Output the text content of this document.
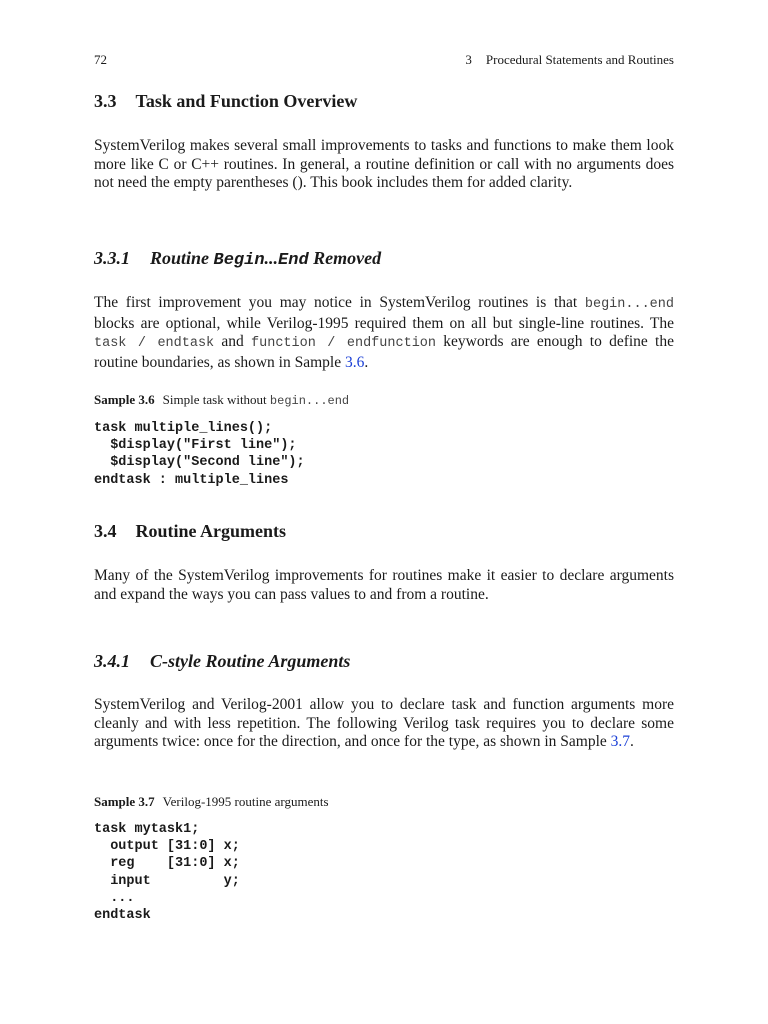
72	3 Procedural Statements and Routines
3.3 Task and Function Overview

SystemVerilog makes several small improvements to tasks and functions to make them look more like C or C++ routines. In general, a routine definition or call with no arguments does not need the empty parentheses (). This book includes them for added clarity.

3.3.1 Routine Begin...End Removed

The first improvement you may notice in SystemVerilog routines is that begin...end blocks are optional, while Verilog-1995 required them on all but single-line routines. The task / endtask and function / endfunction keywords are enough to define the routine boundaries, as shown in Sample 3.6.

Sample 3.6 Simple task without begin...end
task multiple_lines();
$display("First line");
$display("Second line");
endtask : multiple_lines
3.4 Routine Arguments

Many of the SystemVerilog improvements for routines make it easier to declare arguments and expand the ways you can pass values to and from a routine.

3.4.1 C-style Routine Arguments

SystemVerilog and Verilog-2001 allow you to declare task and function arguments more cleanly and with less repetition. The following Verilog task requires you to declare some arguments twice: once for the direction, and once for the type, as shown in Sample 3.7.

Sample 3.7 Verilog-1995 routine arguments
task mytask1;
output [31:0] x;
reg    [31:0] x;
input         y;
...
endtask
